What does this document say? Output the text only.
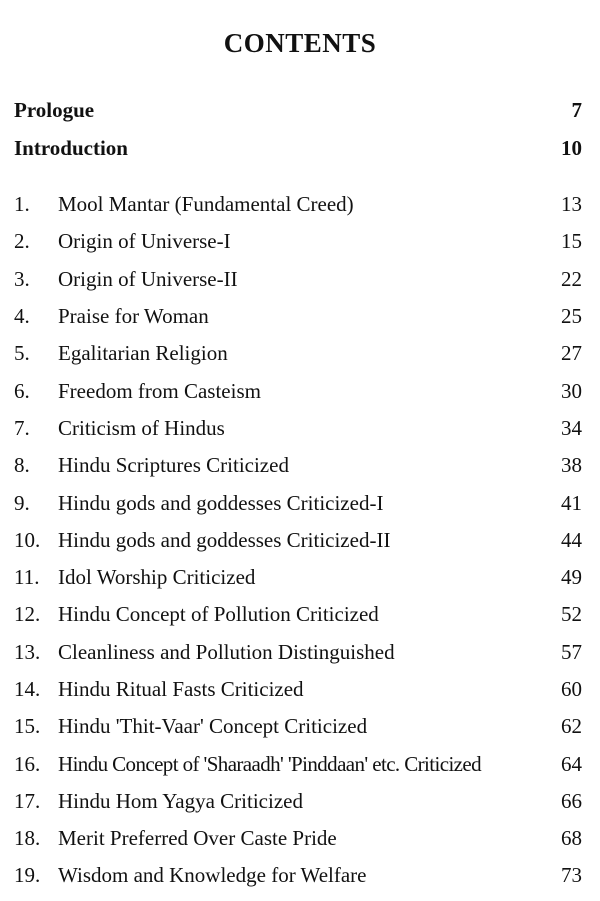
CONTENTS
Prologue	7
Introduction	10
1.	Mool Mantar (Fundamental Creed)	13
2.	Origin of Universe-I	15
3.	Origin of Universe-II	22
4.	Praise for Woman	25
5.	Egalitarian Religion	27
6.	Freedom from Casteism	30
7.	Criticism of Hindus	34
8.	Hindu Scriptures Criticized	38
9.	Hindu gods and goddesses Criticized-I	41
10. Hindu gods and goddesses Criticized-II	44
11. Idol Worship Criticized	49
12. Hindu Concept of Pollution Criticized	52
13. Cleanliness and Pollution Distinguished	57
14. Hindu Ritual Fasts Criticized	60
15. Hindu 'Thit-Vaar' Concept Criticized	62
16. Hindu Concept of 'Sharaadh' 'Pinddaan' etc. Criticized	64
17. Hindu Hom Yagya Criticized	66
18. Merit Preferred Over Caste Pride	68
19. Wisdom and Knowledge for Welfare	73
